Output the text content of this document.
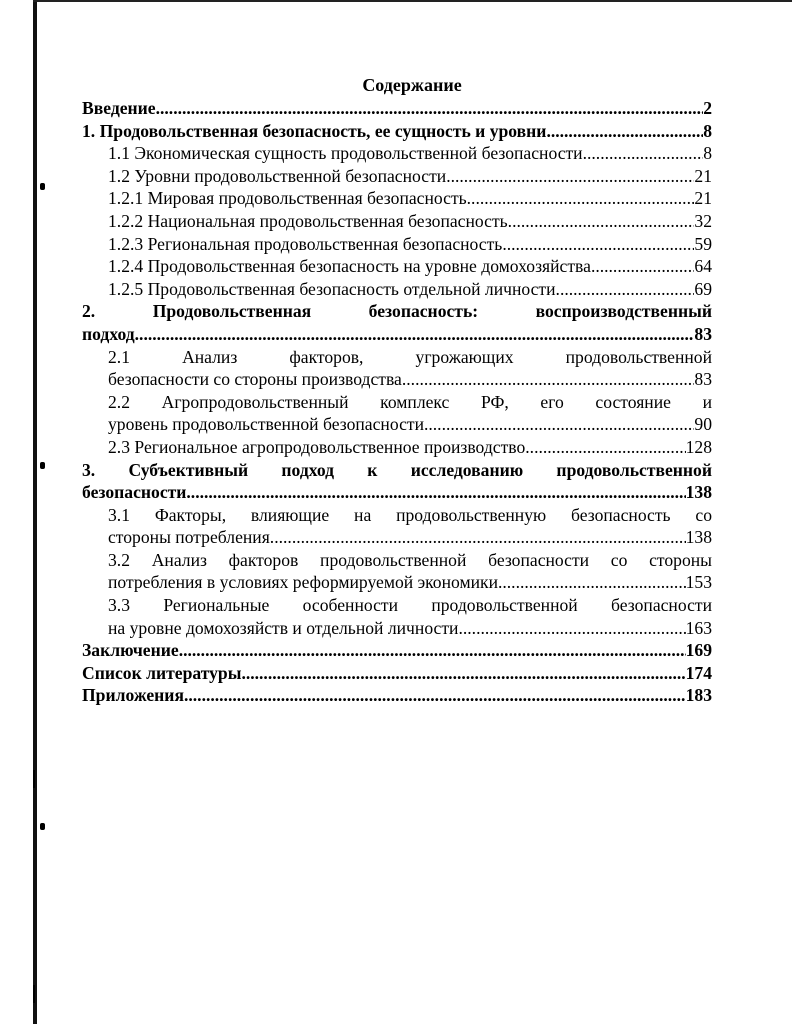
Содержание
Введение .....	2
1. Продовольственная безопасность, ее сущность и уровни .....	8
1.1 Экономическая сущность продовольственной безопасности .....	8
1.2 Уровни продовольственной безопасности .....	21
1.2.1 Мировая продовольственная безопасность .....	21
1.2.2 Национальная продовольственная безопасность .....	32
1.2.3 Региональная продовольственная безопасность. .....	59
1.2.4 Продовольственная безопасность на уровне домохозяйства .....	64
1.2.5 Продовольственная безопасность отдельной личности .....	69
2. Продовольственная безопасность: воспроизводственный
подход .....	83
2.1 Анализ факторов, угрожающих продовольственной
безопасности со стороны производства .....	83
2.2 Агропродовольственный комплекс РФ, его состояние и
уровень продовольственной безопасности .....	90
2.3 Региональное агропродовольственное производство .....	128
3. Субъективный подход к исследованию продовольственной
безопасности .....	138
3.1 Факторы, влияющие на продовольственную безопасность со
стороны потребления. .....	138
3.2 Анализ факторов продовольственной безопасности со стороны
потребления в условиях реформируемой экономики .....	153
3.3 Региональные особенности продовольственной безопасности
на уровне домохозяйств и отдельной личности .....	163
Заключение .....	169
Список литературы .....	174
Приложения .....	183
